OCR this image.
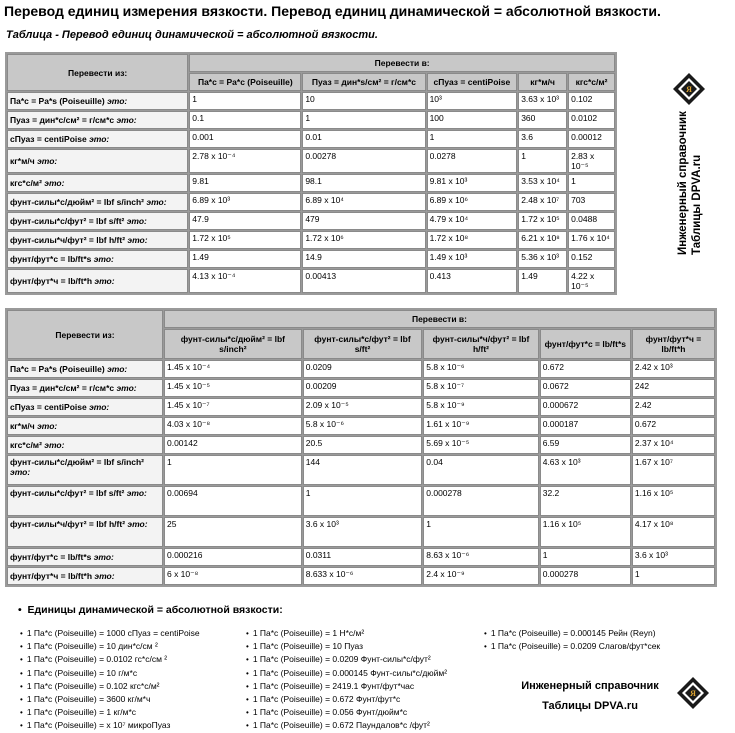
Перевод единиц измерения вязкости. Перевод единиц динамической = абсолютной вязкости.

Таблица - Перевод единиц динамической = абсолютной вязкости.

Перевести из:	Перевести в:				
	Па*с = Pa*с (Poiseuille)	Пуаз = дин*s/см² = г/см*с	сПуаз = centiPoise	кг*м/ч	кгс*с/м²
Па*с = Pa*s (Poiseuille) это:	1	10	10³	3.63 x 10³	0.102
Пуаз = дин*с/см² = г/см*с это:	0.1	1	100	360	0.0102
сПуаз = centiPoise это:	0.001	0.01	1	3.6	0.00012
кг*м/ч это:	2.78 x 10⁻⁴	0.00278	0.0278	1	2.83 x 10⁻⁵
кгс*с/м² это:	9.81	98.1	9.81 x 10³	3.53 x 10⁴	1
фунт-силы*с/дюйм² = lbf s/inch² это:	6.89 x 10³	6.89 x 10⁴	6.89 x 10⁶	2.48 x 10⁷	703
фунт-силы*с/фут² = lbf s/ft² это:	47.9	479	4.79 x 10⁴	1.72 x 10⁵	0.0488
фунт-силы*ч/фут² = lbf h/ft² это:	1.72 x 10⁵	1.72 x 10⁶	1.72 x 10⁸	6.21 x 10⁸	1.76 x 10⁴
фунт/фут*с = lb/ft*s это:	1.49	14.9	1.49 x 10³	5.36 x 10³	0.152
фунт/фут*ч = lb/ft*h это:	4.13 x 10⁻⁴	0.00413	0.413	1.49	4.22 x 10⁻⁵
Перевести из:	Перевести в:				
	фунт-силы*с/дюйм² = lbf s/inch²	фунт-силы*с/фут² = lbf s/ft²	фунт-силы*ч/фут² = lbf h/ft²	фунт/фут*с = lb/ft*s	фунт/фут*ч = lb/ft*h
Па*с = Pa*s (Poiseuille) это:	1.45 x 10⁻⁴	0.0209	5.8 x 10⁻⁶	0.672	2.42 x 10³
Пуаз = дин*с/см² = г/см*с это:	1.45 x 10⁻⁵	0.00209	5.8 x 10⁻⁷	0.0672	242
сПуаз = centiPoise это:	1.45 x 10⁻⁷	2.09 x 10⁻⁵	5.8 x 10⁻⁹	0.000672	2.42
кг*м/ч это:	4.03 x 10⁻⁸	5.8 x 10⁻⁶	1.61 x 10⁻⁹	0.000187	0.672
кгс*с/м² это:	0.00142	20.5	5.69 x 10⁻⁵	6.59	2.37 x 10⁴
фунт-силы*с/дюйм² = lbf s/inch² это:	1	144	0.04	4.63 x 10³	1.67 x 10⁷
фунт-силы*с/фут² = lbf s/ft² это:	0.00694	1	0.000278	32.2	1.16 x 10⁵
фунт-силы*ч/фут² = lbf h/ft² это:	25	3.6 x 10³	1	1.16 x 10⁵	4.17 x 10⁸
фунт/фут*с = lb/ft*s это:	0.000216	0.0311	8.63 x 10⁻⁶	1	3.6 x 10³
фунт/фут*ч = lb/ft*h это:	6 x 10⁻⁸	8.633 x 10⁻⁶	2.4 x 10⁻⁹	0.000278	1
Я
Инженерный справочник Таблицы DPVA.ru
•  Единицы динамической = абсолютной вязкости:
• 1 Па*с (Poiseuille) = 1000 сПуаз = centiPoise
• 1 Па*с (Poiseuille) = 10 дин*с/см ²
• 1 Па*с (Poiseuille) = 0.0102 гс*с/см ²
• 1 Па*с (Poiseuille) = 10 г/м*с
• 1 Па*с (Poiseuille) = 0.102 кгс*с/м²
• 1 Па*с (Poiseuille) = 3600 кг/м*ч
• 1 Па*с (Poiseuille) = 1 кг/м*с
• 1 Па*с (Poiseuille) = x 10⁷ микроПуаз
• 1 Па*с (Poiseuille) = 1 Н*с/м²
• 1 Па*с (Poiseuille) = 10 Пуаз
• 1 Па*с (Poiseuille) = 0.0209 Фунт-силы*с/фут²
• 1 Па*с (Poiseuille) = 0.000145 Фунт-силы*с/дюйм²
• 1 Па*с (Poiseuille) = 2419.1 Фунт/фут*час
• 1 Па*с (Poiseuille) = 0.672 Фунт/фут*с
• 1 Па*с (Poiseuille) = 0.056 Фунт/дюйм*с
• 1 Па*с (Poiseuille) = 0.672 Паундалов*с /фут²
• 1 Па*с (Poiseuille) = 0.000145 Рейн (Reyn)
• 1 Па*с (Poiseuille) = 0.0209 Слагов/фут*сек
Инженерный справочник
Таблицы DPVA.ru
Я
